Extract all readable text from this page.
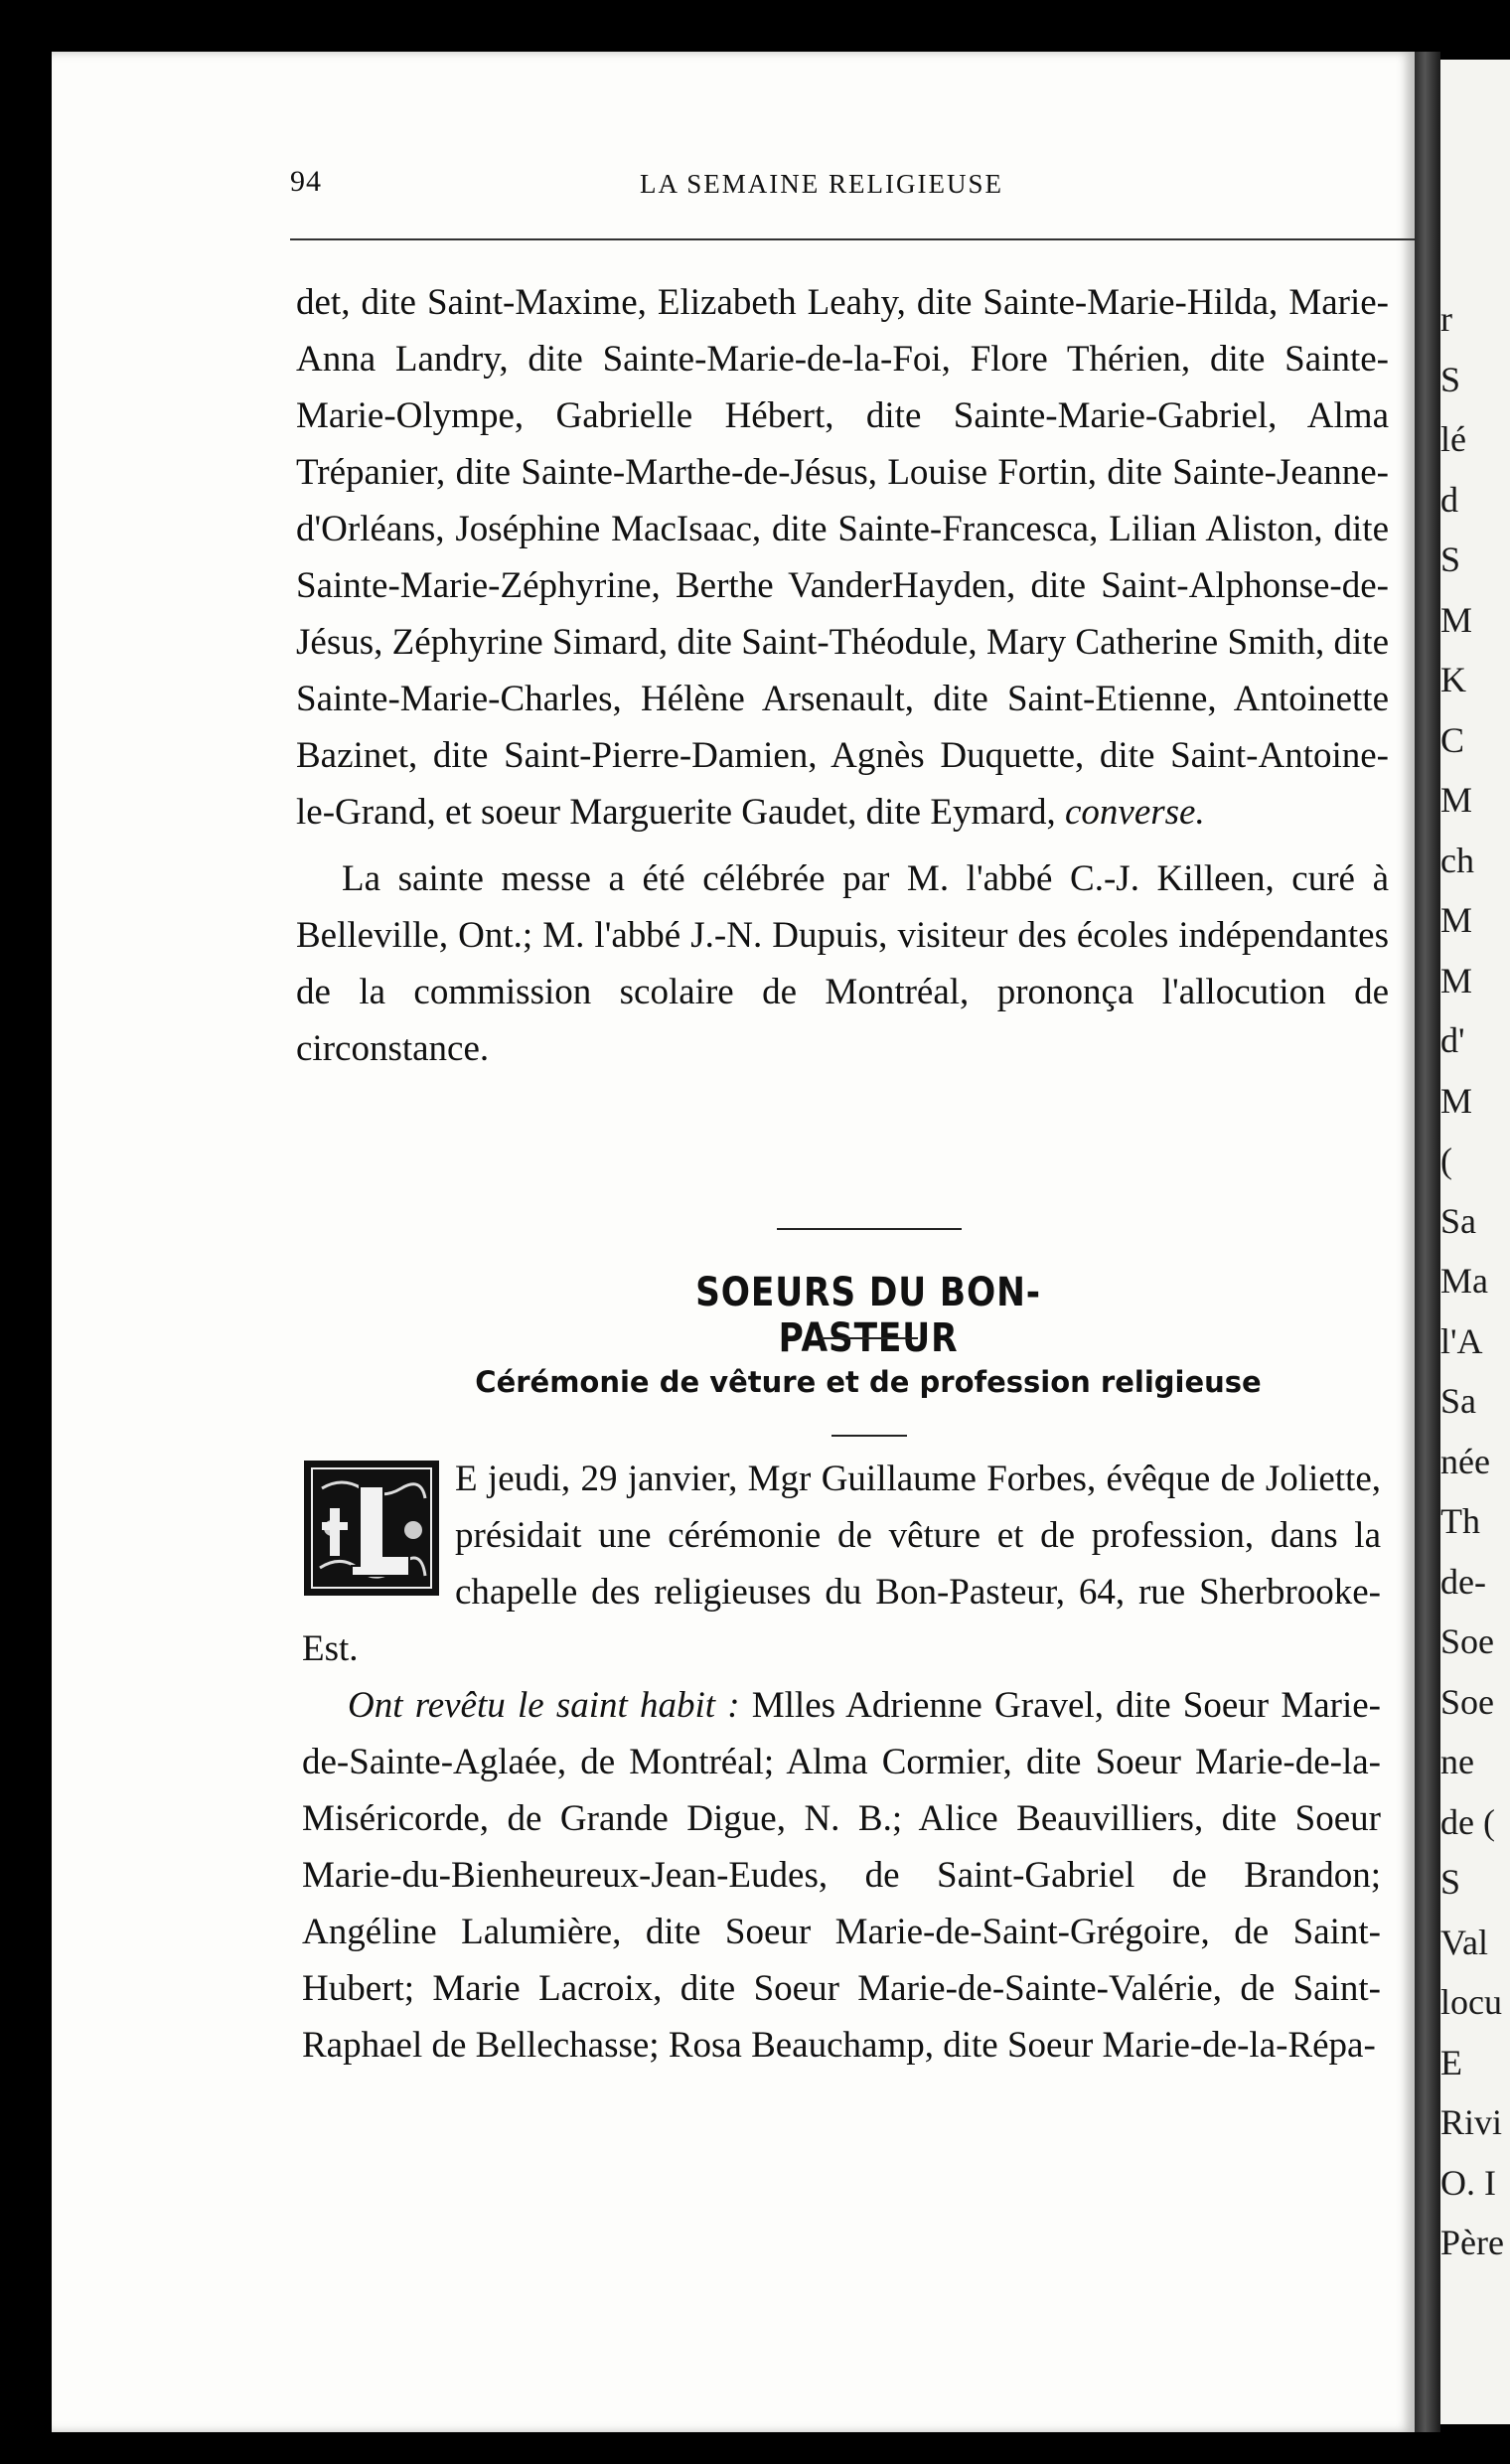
94	LA SEMAINE RELIGIEUSE

det, dite Saint-Maxime, Elizabeth Leahy, dite Sainte-Marie-Hilda, Marie-Anna Landry, dite Sainte-Marie-de-la-Foi, Flore Thérien, dite Sainte-Marie-Olympe, Gabrielle Hébert, dite Sainte-Marie-Gabriel, Alma Trépanier, dite Sainte-Marthe-de-Jésus, Louise Fortin, dite Sainte-Jeanne-d'Orléans, Joséphine MacIsaac, dite Sainte-Francesca, Lilian Aliston, dite Sainte-Marie-Zéphyrine, Berthe VanderHayden, dite Saint-Alphonse-de-Jésus, Zéphyrine Simard, dite Saint-Théodule, Mary Catherine Smith, dite Sainte-Marie-Charles, Hélène Arsenault, dite Saint-Etienne, Antoinette Bazinet, dite Saint-Pierre-Damien, Agnès Duquette, dite Saint-Antoine-le-Grand, et soeur Marguerite Gaudet, dite Eymard, converse.

La sainte messe a été célébrée par M. l'abbé C.-J. Killeen, curé à Belleville, Ont.; M. l'abbé J.-N. Dupuis, visiteur des écoles indépendantes de la commission scolaire de Montréal, prononça l'allocution de circonstance.

SOEURS DU BON-PASTEUR
Cérémonie de vêture et de profession religieuse

E jeudi, 29 janvier, Mgr Guillaume Forbes, évêque de Joliette, présidait une cérémonie de vêture et de profession, dans la chapelle des religieuses du Bon-Pasteur, 64, rue Sherbrooke-Est.

Ont revêtu le saint habit : Mlles Adrienne Gravel, dite Soeur Marie-de-Sainte-Aglaée, de Montréal; Alma Cormier, dite Soeur Marie-de-la-Miséricorde, de Grande Digue, N. B.; Alice Beauvilliers, dite Soeur Marie-du-Bienheureux-Jean-Eudes, de Saint-Gabriel de Brandon; Angéline Lalumière, dite Soeur Marie-de-Saint-Grégoire, de Saint-Hubert; Marie Lacroix, dite Soeur Marie-de-Sainte-Valérie, de Saint-Raphael de Bellechasse; Rosa Beauchamp, dite Soeur Marie-de-la-Répa-

r
S
lé
d
S
M
K
C
M
ch
M
M
d'
M
(
Sa
Ma
l'A
Sa
née
Th
de-
Soe
Soe
ne
de (
S
Val
locu
E
Rivi
O. I
Père
